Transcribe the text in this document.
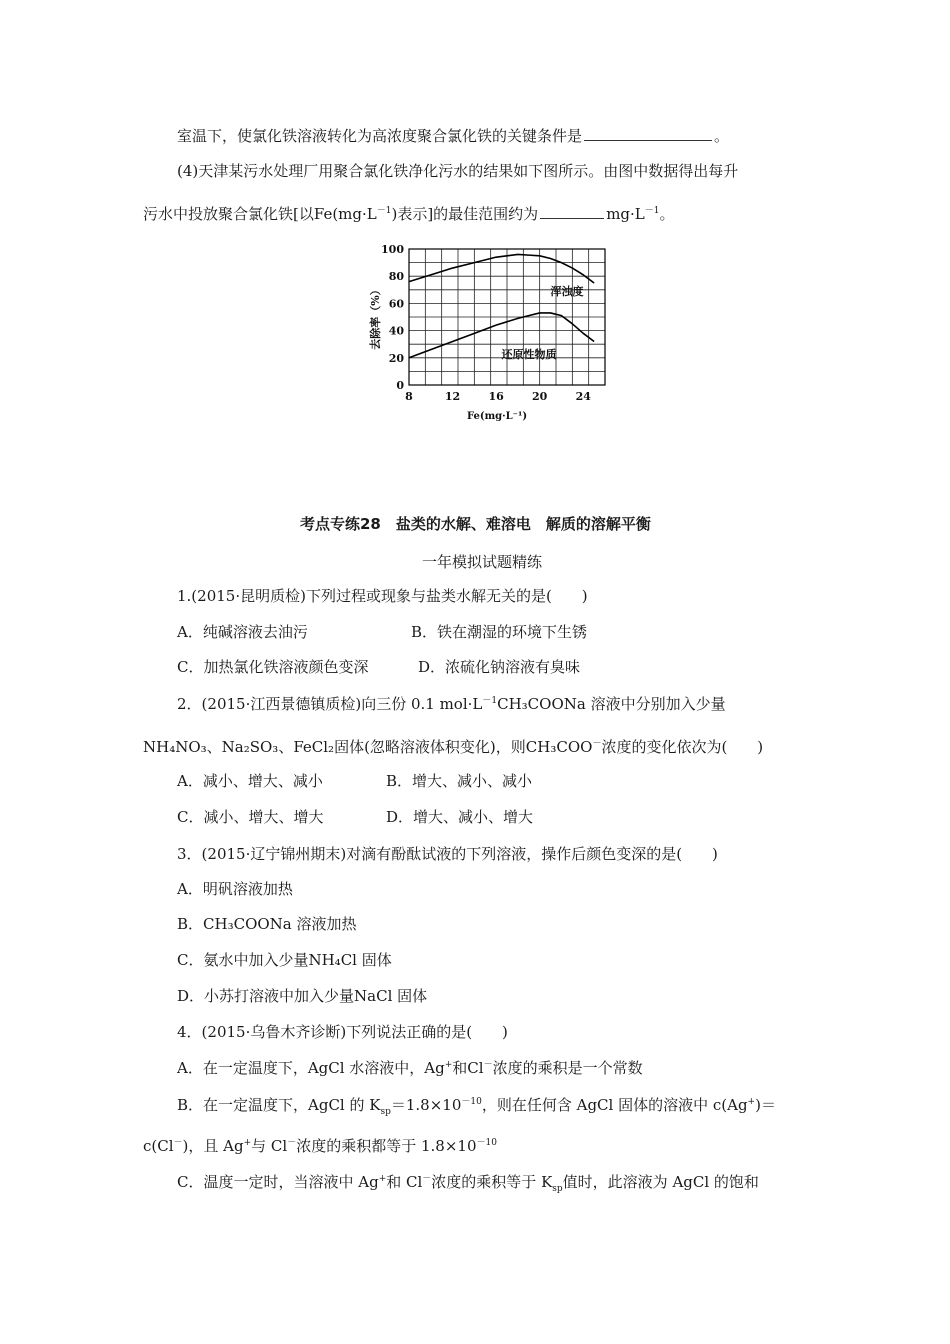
室温下，使氯化铁溶液转化为高浓度聚合氯化铁的关键条件是	。
(4)天津某污水处理厂用聚合氯化铁净化污水的结果如下图所示。由图中数据得出每升
污水中投放聚合氯化铁[以$Fe(mg\cdot L^{-1})$表示]的最佳范围约为	$mg\cdot L^{-1}$。
浑浊度
还原性物质
0
20
40
60
80
100
8	12	16	20	24
Fe(mg·L⁻¹)
去除率（%）
考点专练28　盐类的水解、难溶电　解质的溶解平衡
一年模拟试题精练
1.(2015·昆明质检)下列过程或现象与盐类水解无关的是(　　)
A．纯碱溶液去油污	B．铁在潮湿的环境下生锈
C．加热氯化铁溶液颜色变深	D．浓硫化钠溶液有臭味
2．(2015·江西景德镇质检)向三份 0.1 $mol\cdot L^{-1}CH_3COONa$ 溶液中分别加入少量
NH₄NO₃、Na₂SO₃、FeCl₂固体(忽略溶液体积变化)，则CH₃COO－浓度的变化依次为(　　)
A．减小、增大、减小	B．增大、减小、减小
C．减小、增大、增大	D．增大、减小、增大
3．(2015·辽宁锦州期末)对滴有酚酞试液的下列溶液，操作后颜色变深的是(　　)
A．明矾溶液加热
B．CH₃COONa 溶液加热
C．氨水中加入少量NH₄Cl 固体
D．小苏打溶液中加入少量NaCl 固体
4．(2015·乌鲁木齐诊断)下列说法正确的是(　　)
A．在一定温度下，AgCl 水溶液中，Ag+和Cl－浓度的乘积是一个常数
B．在一定温度下，AgCl 的 $K_{sp}=1.8\times 10^{-10}$，则在任何含 AgCl 固体的溶液中 c(Ag+)＝
c(Cl－)，且 Ag+与 Cl－浓度的乘积都等于 $1.8\times 10^{-10}$
C．温度一定时，当溶液中 Ag+和 Cl－浓度的乘积等于 $K_{sp}$值时，此溶液为 AgCl 的饱和
